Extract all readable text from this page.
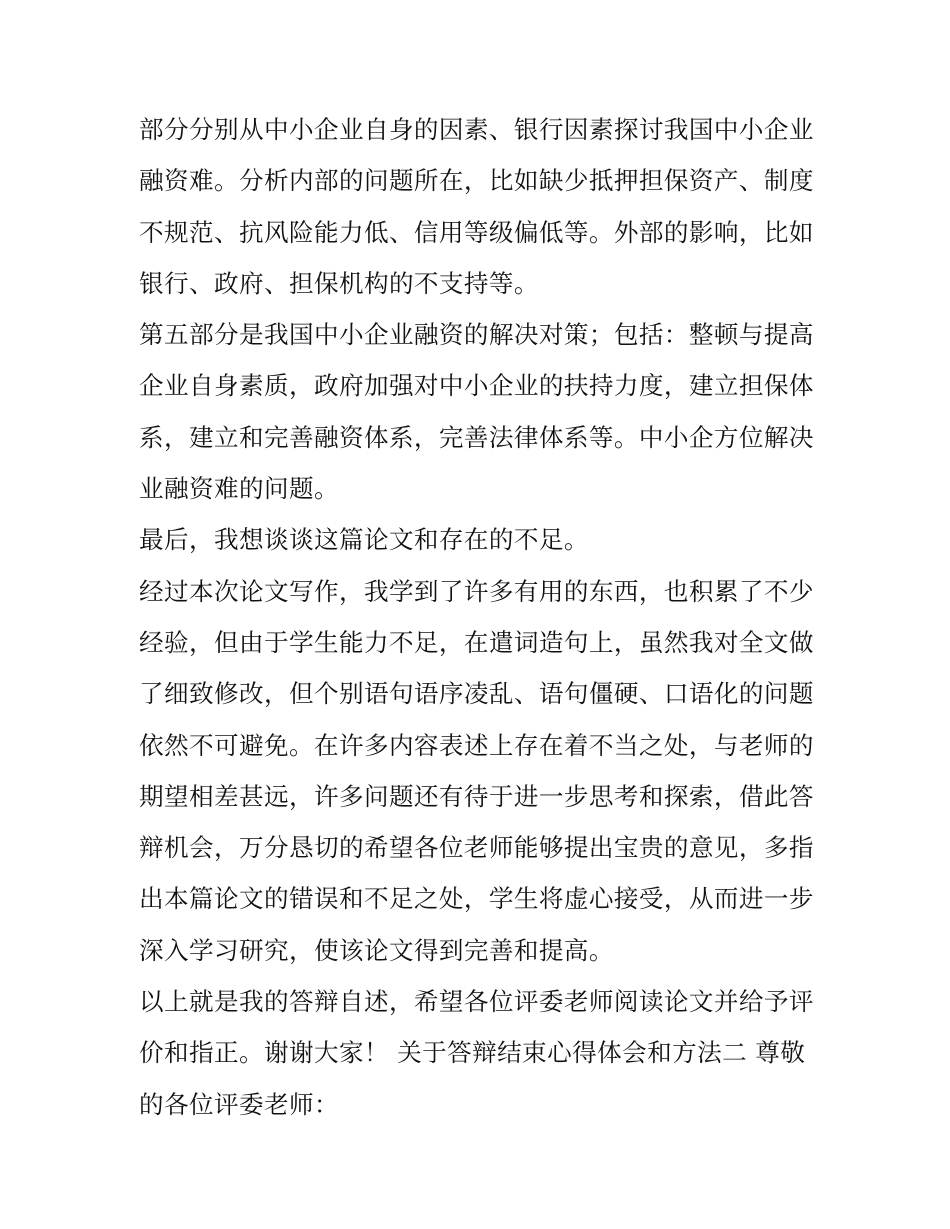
部分分别从中小企业自身的因素、银行因素探讨我国中小企业
融资难。分析内部的问题所在，比如缺少抵押担保资产、制度
不规范、抗风险能力低、信用等级偏低等。外部的影响，比如
银行、政府、担保机构的不支持等。
第五部分是我国中小企业融资的解决对策；包括：整顿与提高
企业自身素质，政府加强对中小企业的扶持力度，建立担保体
系，建立和完善融资体系，完善法律体系等。中小企方位解决
业融资难的问题。
最后，我想谈谈这篇论文和存在的不足。
经过本次论文写作，我学到了许多有用的东西，也积累了不少
经验，但由于学生能力不足，在遣词造句上，虽然我对全文做
了细致修改，但个别语句语序凌乱、语句僵硬、口语化的问题
依然不可避免。在许多内容表述上存在着不当之处，与老师的
期望相差甚远，许多问题还有待于进一步思考和探索，借此答
辩机会，万分恳切的希望各位老师能够提出宝贵的意见，多指
出本篇论文的错误和不足之处，学生将虚心接受，从而进一步
深入学习研究，使该论文得到完善和提高。
以上就是我的答辩自述，希望各位评委老师阅读论文并给予评
价和指正。谢谢大家！ 关于答辩结束心得体会和方法二 尊敬
的各位评委老师：
